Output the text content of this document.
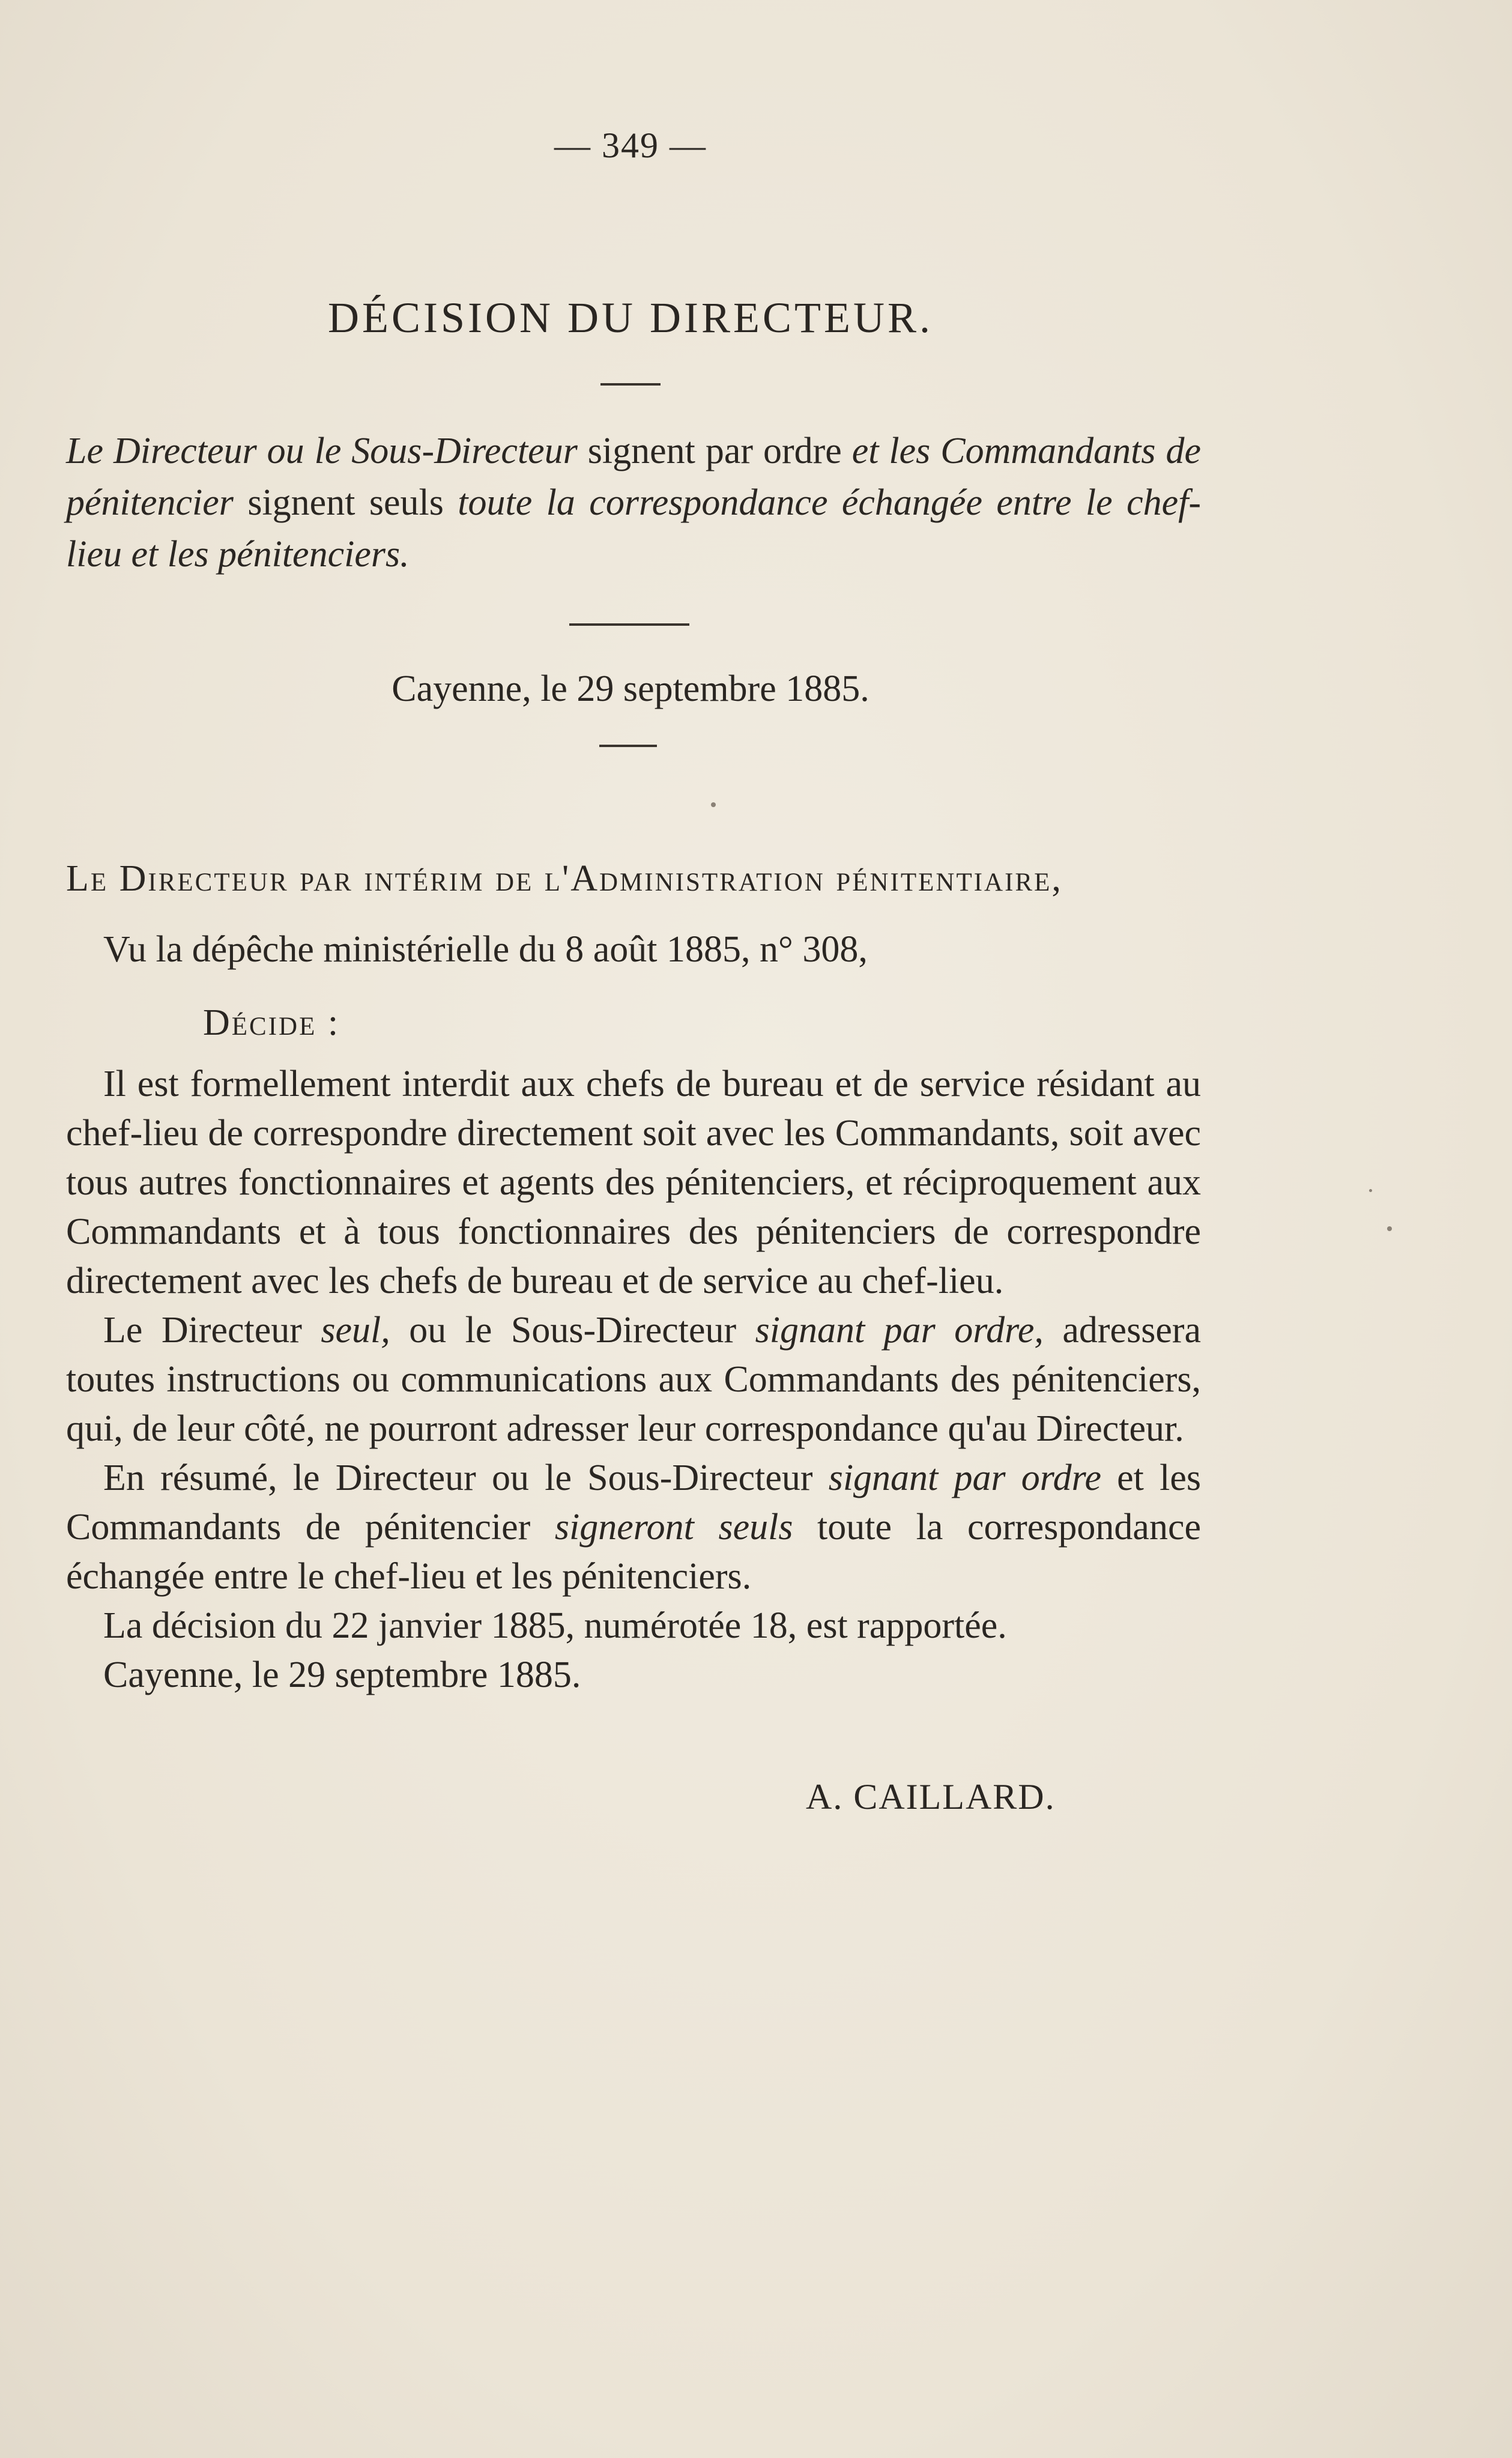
— 349 —
DÉCISION DU DIRECTEUR.
Le Directeur ou le Sous-Directeur signent par ordre et les Commandants de pénitencier signent seuls toute la correspondance échangée entre le chef-lieu et les pénitenciers.
Cayenne, le 29 septembre 1885.
Le Directeur par intérim de l'Administration pénitentiaire,
Vu la dépêche ministérielle du 8 août 1885, n° 308,
Décide :

Il est formellement interdit aux chefs de bureau et de service résidant au chef-lieu de correspondre directement soit avec les Commandants, soit avec tous autres fonctionnaires et agents des pénitenciers, et réciproquement aux Commandants et à tous fonctionnaires des pénitenciers de correspondre directement avec les chefs de bureau et de service au chef-lieu.

Le Directeur seul, ou le Sous-Directeur signant par ordre, adressera toutes instructions ou communications aux Commandants des pénitenciers, qui, de leur côté, ne pourront adresser leur correspondance qu'au Directeur.

En résumé, le Directeur ou le Sous-Directeur signant par ordre et les Commandants de pénitencier signeront seuls toute la correspondance échangée entre le chef-lieu et les pénitenciers.

La décision du 22 janvier 1885, numérotée 18, est rapportée.

Cayenne, le 29 septembre 1885.

A. CAILLARD.
